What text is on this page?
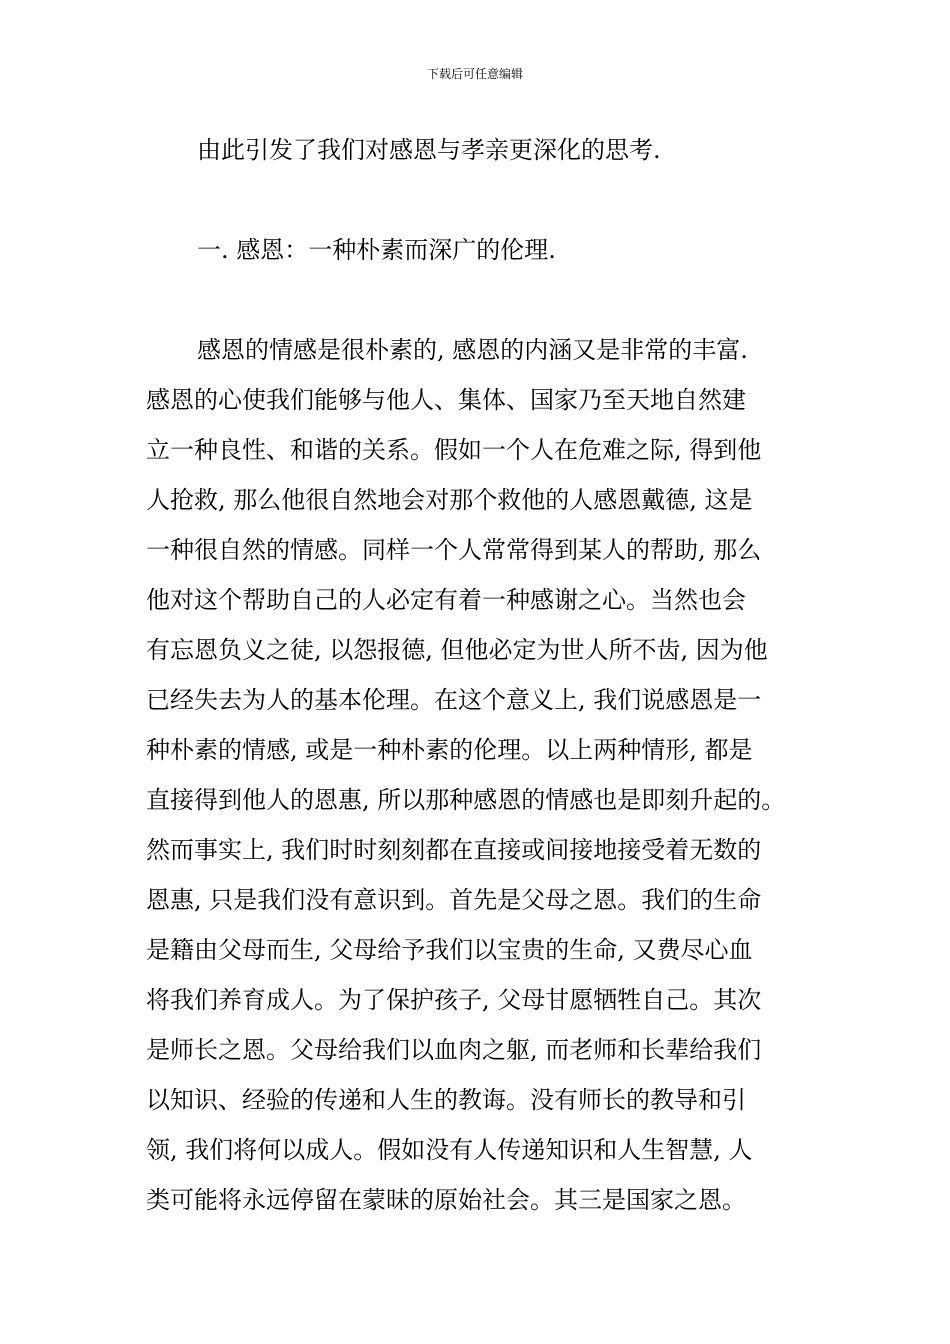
下载后可任意编辑
由此引发了我们对感恩与孝亲更深化的思考.
一. 感恩：一种朴素而深广的伦理.
感恩的情感是很朴素的, 感恩的内涵又是非常的丰富.
感恩的心使我们能够与他人、集体、国家乃至天地自然建
立一种良性、和谐的关系。假如一个人在危难之际, 得到他
人抢救, 那么他很自然地会对那个救他的人感恩戴德, 这是
一种很自然的情感。同样一个人常常得到某人的帮助, 那么
他对这个帮助自己的人必定有着一种感谢之心。当然也会
有忘恩负义之徒, 以怨报德, 但他必定为世人所不齿, 因为他
已经失去为人的基本伦理。在这个意义上, 我们说感恩是一
种朴素的情感, 或是一种朴素的伦理。以上两种情形, 都是
直接得到他人的恩惠, 所以那种感恩的情感也是即刻升起的。
然而事实上, 我们时时刻刻都在直接或间接地接受着无数的
恩惠, 只是我们没有意识到。首先是父母之恩。我们的生命
是籍由父母而生, 父母给予我们以宝贵的生命, 又费尽心血
将我们养育成人。为了保护孩子, 父母甘愿牺牲自己。其次
是师长之恩。父母给我们以血肉之躯, 而老师和长辈给我们
以知识、经验的传递和人生的教诲。没有师长的教导和引
领, 我们将何以成人。假如没有人传递知识和人生智慧, 人
类可能将永远停留在蒙昧的原始社会。其三是国家之恩。
